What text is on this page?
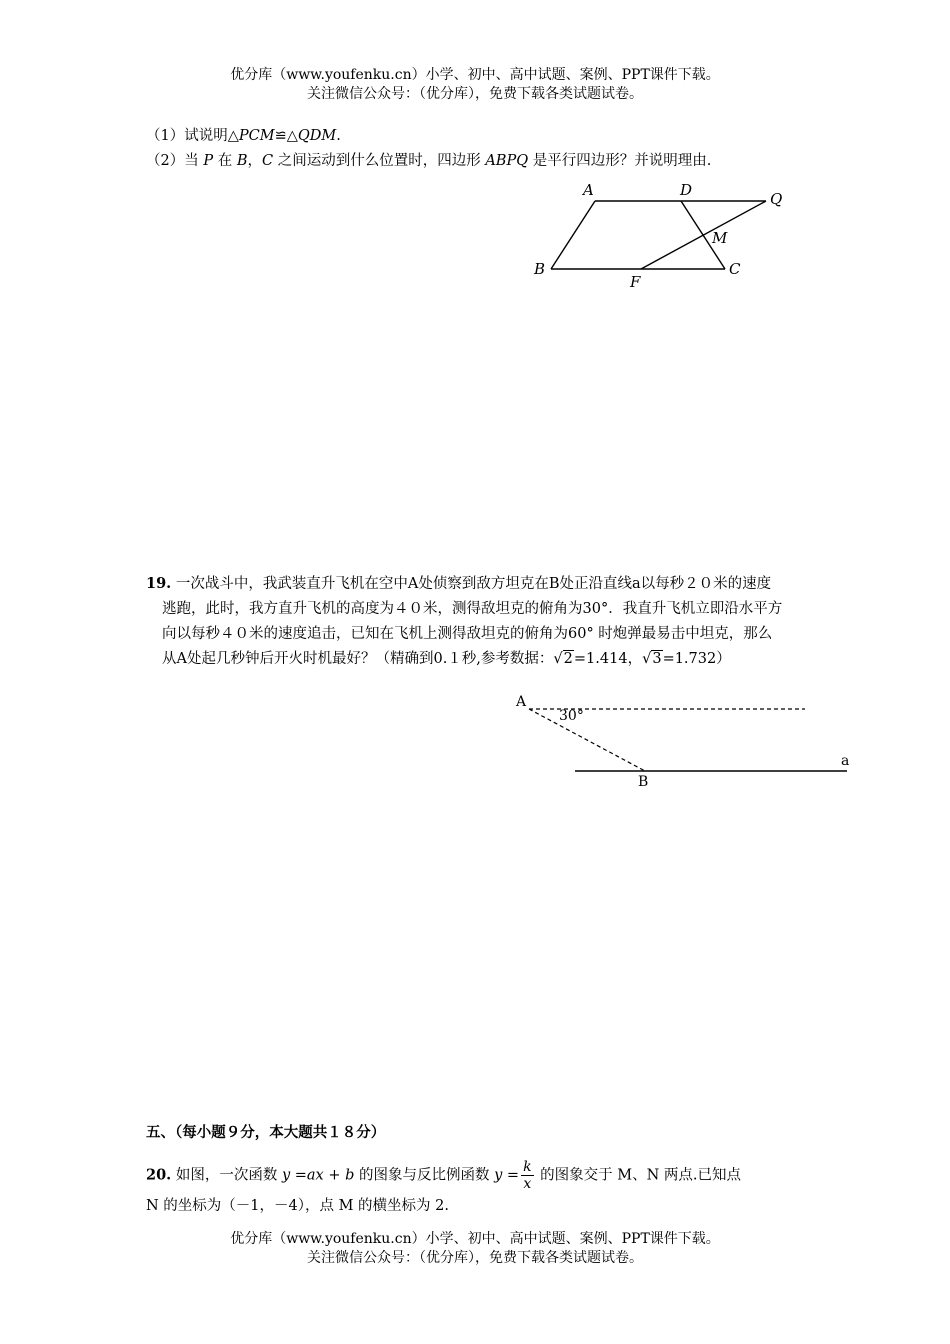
优分库（www.youfenku.cn）小学、初中、高中试题、案例、PPT课件下载。
关注微信公众号：（优分库），免费下载各类试题试卷。
（1）试说明△PCM≌△QDM.
（2）当 P 在 B，C 之间运动到什么位置时，四边形 ABPQ 是平行四边形？并说明理由.
A	D	Q
M
B
F
C
19. 一次战斗中，我武装直升飞机在空中A处侦察到敌方坦克在B处正沿直线a以每秒２０米的速度
逃跑，此时，我方直升飞机的高度为４０米，测得敌坦克的俯角为30°．我直升飞机立即沿水平方
向以每秒４０米的速度追击，已知在飞机上测得敌坦克的俯角为60° 时炮弹最易击中坦克，那么
从A处起几秒钟后开火时机最好？（精确到0.１秒,参考数据：√2=1.414，√3=1.732）
A
30°
B
a
五、（每小题９分，本大题共１８分）
20. 如图，一次函数 y =ax + b 的图象与反比例函数 $y = \frac{k}{x}$ 的图象交于 M、N 两点.已知点
N 的坐标为（－1，－4），点 M 的横坐标为 2.
优分库（www.youfenku.cn）小学、初中、高中试题、案例、PPT课件下载。
关注微信公众号：（优分库），免费下载各类试题试卷。
